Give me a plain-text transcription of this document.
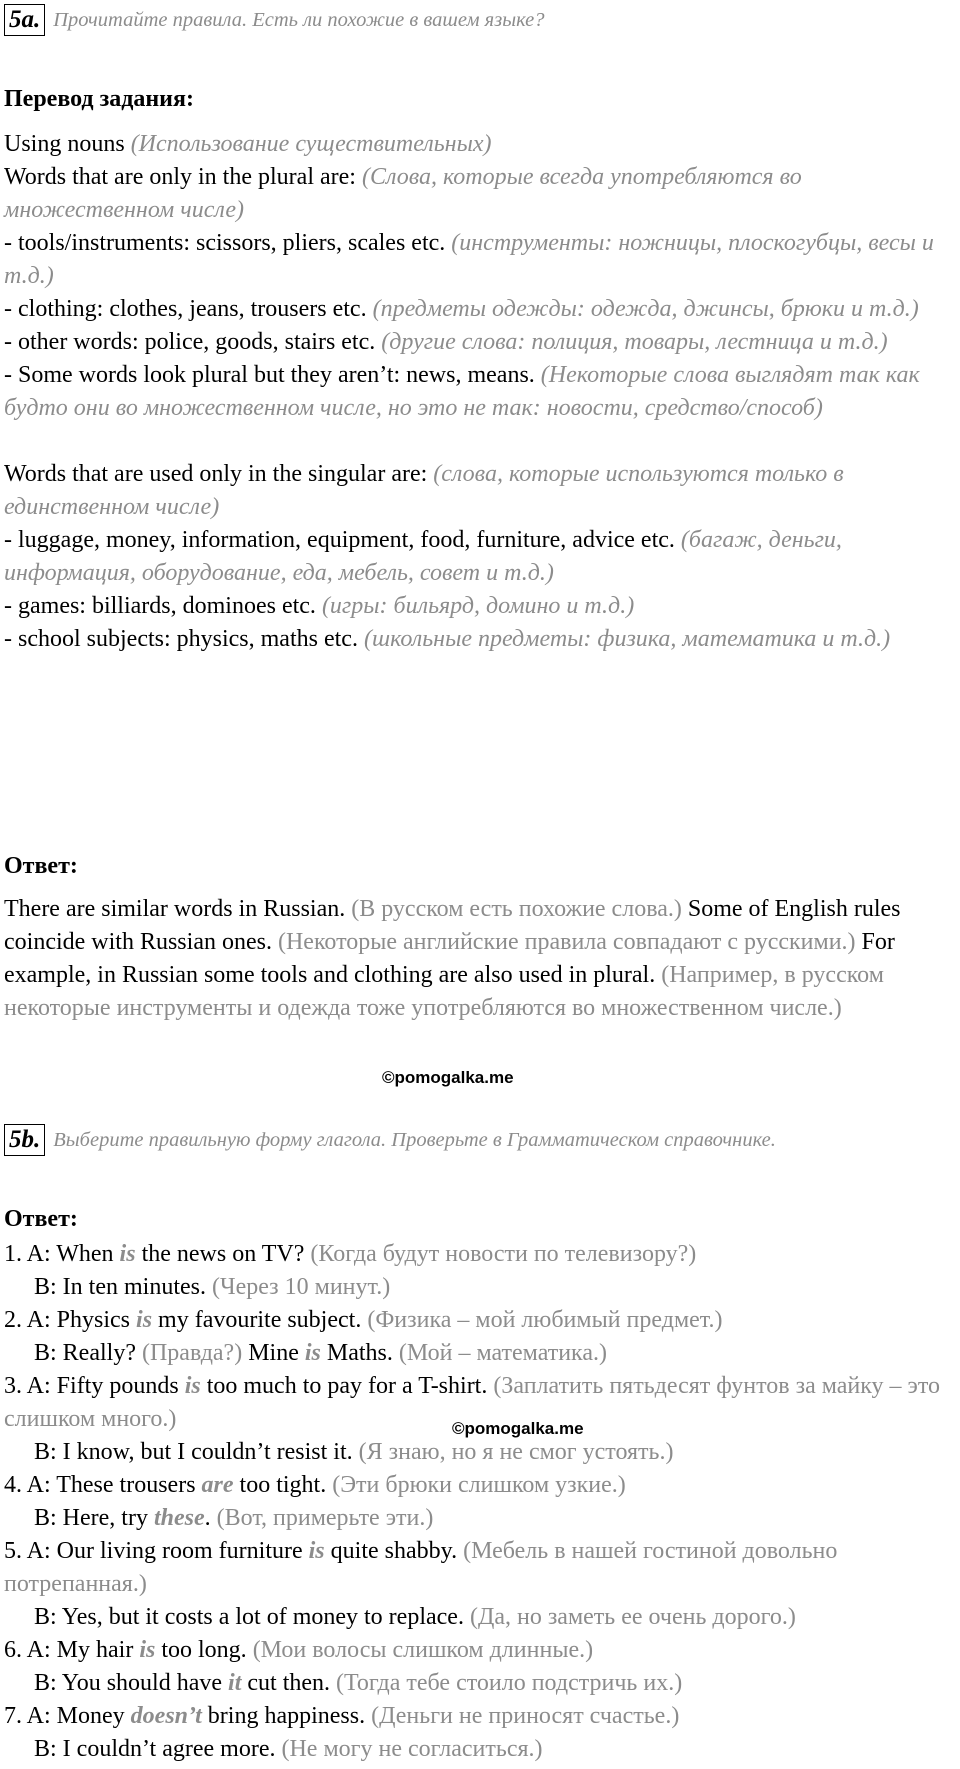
5a. Прочитайте правила. Есть ли похожие в вашем языке?
Перевод задания:

Using nouns (Использование существительных)

Words that are only in the plural are: (Слова, которые всегда употребляются во множественном числе)

- tools/instruments: scissors, pliers, scales etc. (инструменты: ножницы, плоскогубцы, весы и т.д.)

- clothing: clothes, jeans, trousers etc. (предметы одежды: одежда, джинсы, брюки и т.д.)

- other words: police, goods, stairs etc. (другие слова: полиция, товары, лестница и т.д.)

- Some words look plural but they aren’t: news, means. (Некоторые слова выглядят так как будто они во множественном числе, но это не так: новости, средство/способ)

Words that are used only in the singular are: (слова, которые используются только в единственном числе)

- luggage, money, information, equipment, food, furniture, advice etc. (багаж, деньги, информация, оборудование, еда, мебель, совет и т.д.)

- games: billiards, dominoes etc. (игры: бильярд, домино и т.д.)

- school subjects: physics, maths etc. (школьные предметы: физика, математика и т.д.)

Ответ:

There are similar words in Russian. (В русском есть похожие слова.) Some of English rules coincide with Russian ones. (Некоторые английские правила совпадают с русскими.) For example, in Russian some tools and clothing are also used in plural. (Например, в русском некоторые инструменты и одежда тоже употребляются во множественном числе.)

©pomogalka.me
5b. Выберите правильную форму глагола. Проверьте в Грамматическом справочнике.
Ответ:

1. A: When is the news on TV? (Когда будут новости по телевизору?)

B: In ten minutes. (Через 10 минут.)

2. A: Physics is my favourite subject. (Физика – мой любимый предмет.)

B: Really? (Правда?) Mine is Maths. (Мой – математика.)

3. A: Fifty pounds is too much to pay for a T-shirt. (Заплатить пятьдесят фунтов за майку – это слишком много.)

B: I know, but I couldn’t resist it. (Я знаю, но я не смог устоять.)

4. A: These trousers are too tight. (Эти брюки слишком узкие.)

B: Here, try these. (Вот, примерьте эти.)

5. A: Our living room furniture is quite shabby. (Мебель в нашей гостиной довольно потрепанная.)

B: Yes, but it costs a lot of money to replace. (Да, но заметь ее очень дорого.)

6. A: My hair is too long. (Мои волосы слишком длинные.)

B: You should have it cut then. (Тогда тебе стоило подстричь их.)

7. A: Money doesn’t bring happiness. (Деньги не приносят счастье.)

B: I couldn’t agree more. (Не могу не согласиться.)

©pomogalka.me
